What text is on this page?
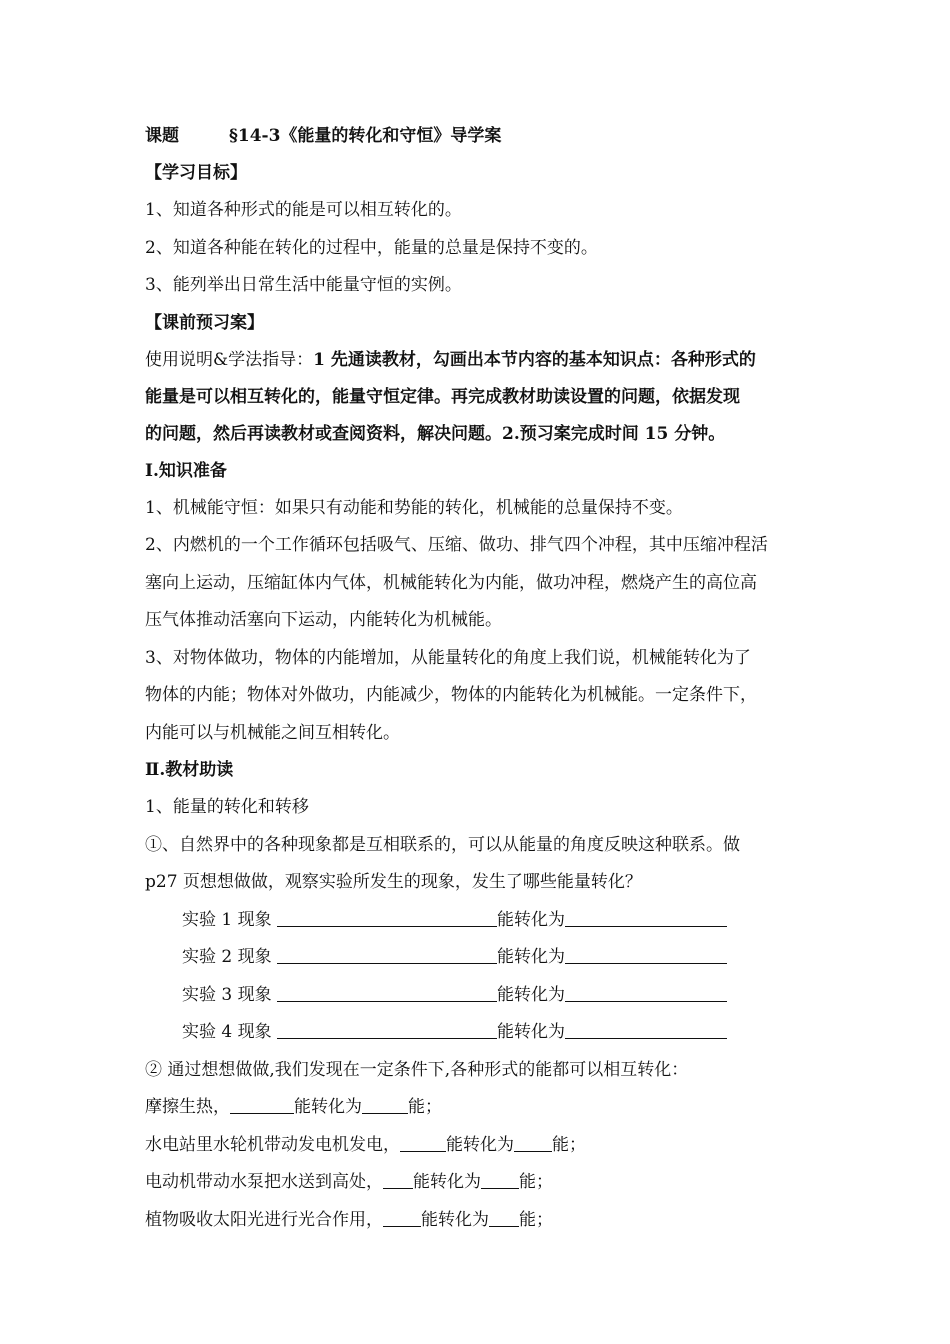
课题	§14-3《能量的转化和守恒》导学案
【学习目标】
1、知道各种形式的能是可以相互转化的。
2、知道各种能在转化的过程中，能量的总量是保持不变的。
3、能列举出日常生活中能量守恒的实例。
【课前预习案】
使用说明&学法指导：1 先通读教材，勾画出本节内容的基本知识点：各种形式的
能量是可以相互转化的，能量守恒定律。再完成教材助读设置的问题，依据发现
的问题，然后再读教材或查阅资料，解决问题。2.预习案完成时间 15 分钟。
Ⅰ.知识准备
1、机械能守恒：如果只有动能和势能的转化，机械能的总量保持不变。
2、内燃机的一个工作循环包括吸气、压缩、做功、排气四个冲程，其中压缩冲程活
塞向上运动，压缩缸体内气体，机械能转化为内能，做功冲程，燃烧产生的高位高
压气体推动活塞向下运动，内能转化为机械能。
3、对物体做功，物体的内能增加，从能量转化的角度上我们说，机械能转化为了
物体的内能；物体对外做功，内能减少，物体的内能转化为机械能。一定条件下，
内能可以与机械能之间互相转化。
Ⅱ.教材助读
1、能量的转化和转移
①、自然界中的各种现象都是互相联系的，可以从能量的角度反映这种联系。做
p27 页想想做做，观察实验所发生的现象，发生了哪些能量转化？
实验 1 现象	能转化为
实验 2 现象	能转化为
实验 3 现象	能转化为
实验 4 现象	能转化为
② 通过想想做做,我们发现在一定条件下,各种形式的能都可以相互转化：
摩擦生热，	能转化为	能；
水电站里水轮机带动发电机发电，	能转化为 能；
电动机带动水泵把水送到高处， 能转化为 能；
植物吸收太阳光进行光合作用， 能转化为 能；
